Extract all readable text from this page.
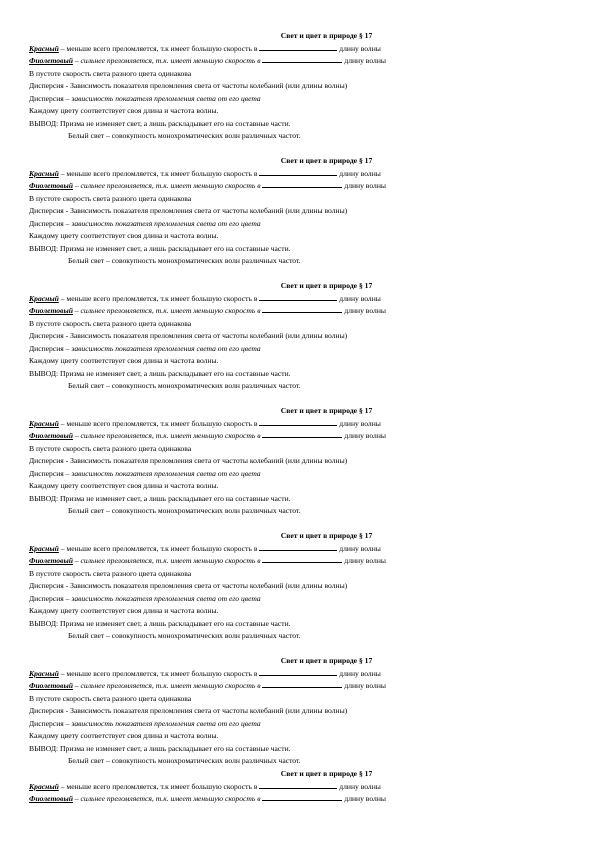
Свет и цвет в природе § 17
Красный – меньше всего преломляется, т.к имеет большую скорость в	длину волны
Фиолетовый – сильнее преломляется, т.к. имеет меньшую скорость в	длину волны
В пустоте скорость света разного цвета одинакова
Дисперсия - Зависимость показателя преломления света от частоты колебаний (или длины волны)
Дисперсия – зависимость показателя преломления света от его цвета
Каждому цвету соответствует своя длина и частота волны.
ВЫВОД: Призма не изменяет свет, а лишь раскладывает его на составные части.
Белый свет – совокупность монохроматических волн различных частот.
Свет и цвет в природе § 17
Красный – меньше всего преломляется, т.к имеет большую скорость в	длину волны
Фиолетовый – сильнее преломляется, т.к. имеет меньшую скорость в	длину волны
В пустоте скорость света разного цвета одинакова
Дисперсия - Зависимость показателя преломления света от частоты колебаний (или длины волны)
Дисперсия – зависимость показателя преломления света от его цвета
Каждому цвету соответствует своя длина и частота волны.
ВЫВОД: Призма не изменяет свет, а лишь раскладывает его на составные части.
Белый свет – совокупность монохроматических волн различных частот.
Свет и цвет в природе § 17
Красный – меньше всего преломляется, т.к имеет большую скорость в	длину волны
Фиолетовый – сильнее преломляется, т.к. имеет меньшую скорость в	длину волны
В пустоте скорость света разного цвета одинакова
Дисперсия - Зависимость показателя преломления света от частоты колебаний (или длины волны)
Дисперсия – зависимость показателя преломления света от его цвета
Каждому цвету соответствует своя длина и частота волны.
ВЫВОД: Призма не изменяет свет, а лишь раскладывает его на составные части.
Белый свет – совокупность монохроматических волн различных частот.
Свет и цвет в природе § 17
Красный – меньше всего преломляется, т.к имеет большую скорость в	длину волны
Фиолетовый – сильнее преломляется, т.к. имеет меньшую скорость в	длину волны
В пустоте скорость света разного цвета одинакова
Дисперсия - Зависимость показателя преломления света от частоты колебаний (или длины волны)
Дисперсия – зависимость показателя преломления света от его цвета
Каждому цвету соответствует своя длина и частота волны.
ВЫВОД: Призма не изменяет свет, а лишь раскладывает его на составные части.
Белый свет – совокупность монохроматических волн различных частот.
Свет и цвет в природе § 17
Красный – меньше всего преломляется, т.к имеет большую скорость в	длину волны
Фиолетовый – сильнее преломляется, т.к. имеет меньшую скорость в	длину волны
В пустоте скорость света разного цвета одинакова
Дисперсия - Зависимость показателя преломления света от частоты колебаний (или длины волны)
Дисперсия – зависимость показателя преломления света от его цвета
Каждому цвету соответствует своя длина и частота волны.
ВЫВОД: Призма не изменяет свет, а лишь раскладывает его на составные части.
Белый свет – совокупность монохроматических волн различных частот.
Свет и цвет в природе § 17
Красный – меньше всего преломляется, т.к имеет большую скорость в	длину волны
Фиолетовый – сильнее преломляется, т.к. имеет меньшую скорость в	длину волны
В пустоте скорость света разного цвета одинакова
Дисперсия - Зависимость показателя преломления света от частоты колебаний (или длины волны)
Дисперсия – зависимость показателя преломления света от его цвета
Каждому цвету соответствует своя длина и частота волны.
ВЫВОД: Призма не изменяет свет, а лишь раскладывает его на составные части.
Белый свет – совокупность монохроматических волн различных частот.
Свет и цвет в природе § 17
Красный – меньше всего преломляется, т.к имеет большую скорость в	длину волны
Фиолетовый – сильнее преломляется, т.к. имеет меньшую скорость в	длину волны
